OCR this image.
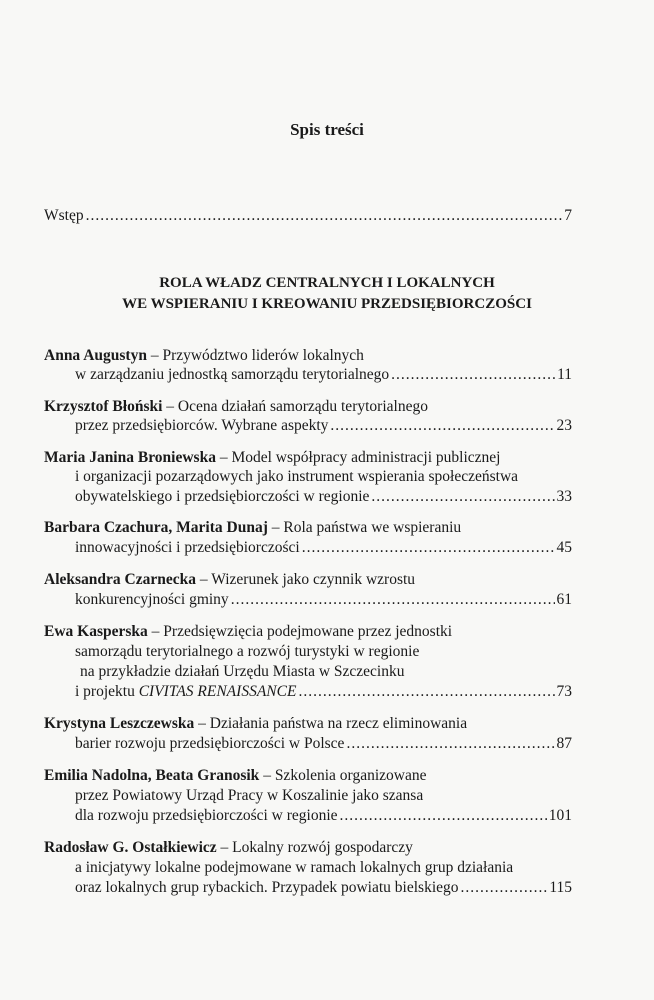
Spis treści
Wstęp .....	7
ROLA WŁADZ CENTRALNYCH I LOKALNYCH
WE WSPIERANIU I KREOWANIU PRZEDSIĘBIORCZOŚCI
Anna Augustyn – Przywództwo liderów lokalnych
w zarządzaniu jednostką samorządu terytorialnego .....	11
Krzysztof Błoński – Ocena działań samorządu terytorialnego
przez przedsiębiorców. Wybrane aspekty .....	23
Maria Janina Broniewska – Model współpracy administracji publicznej
i organizacji pozarządowych jako instrument wspierania społeczeństwa
obywatelskiego i przedsiębiorczości w regionie .....	33
Barbara Czachura, Marita Dunaj – Rola państwa we wspieraniu
innowacyjności i przedsiębiorczości .....	45
Aleksandra Czarnecka – Wizerunek jako czynnik wzrostu
konkurencyjności gminy .....	61
Ewa Kasperska – Przedsięwzięcia podejmowane przez jednostki
samorządu terytorialnego a rozwój turystyki w regionie
na przykładzie działań Urzędu Miasta w Szczecinku
i projektu CIVITAS RENAISSANCE .....	73
Krystyna Leszczewska – Działania państwa na rzecz eliminowania
barier rozwoju przedsiębiorczości w Polsce .....	87
Emilia Nadolna, Beata Granosik – Szkolenia organizowane
przez Powiatowy Urząd Pracy w Koszalinie jako szansa
dla rozwoju przedsiębiorczości w regionie .....	101
Radosław G. Ostałkiewicz – Lokalny rozwój gospodarczy
a inicjatywy lokalne podejmowane w ramach lokalnych grup działania
oraz lokalnych grup rybackich. Przypadek powiatu bielskiego .....	115
